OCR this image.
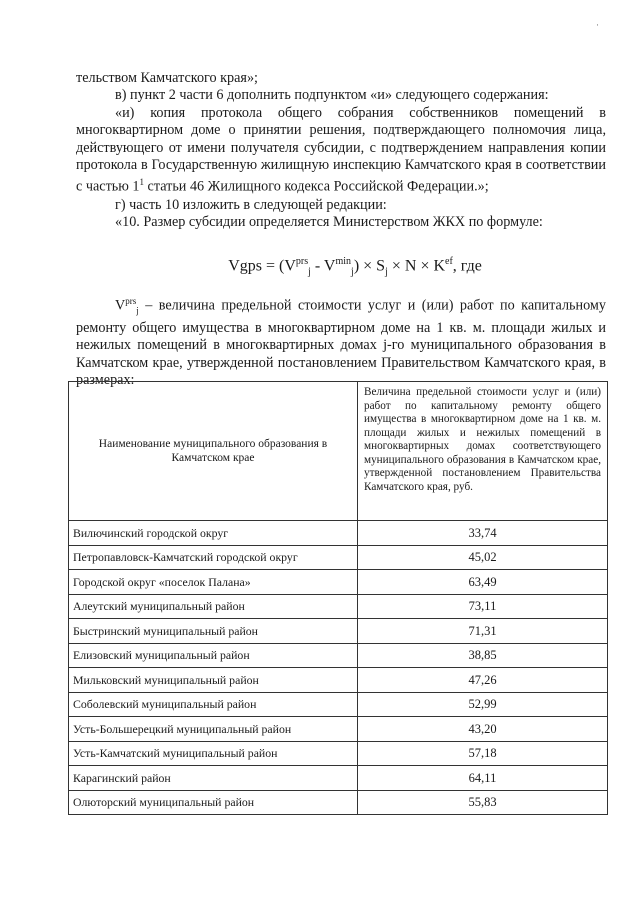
·

тельством Камчатского края»;

в) пункт 2 части 6 дополнить подпунктом «и» следующего содержания:

«и) копия протокола общего собрания собственников помещений в многоквартирном доме о принятии решения, подтверждающего полномочия лица, действующего от имени получателя субсидии, с подтверждением направления копии протокола в Государственную жилищную инспекцию Камчатского края в соответствии с частью $1^1$ статьи 46 Жилищного кодекса Российской Федерации.»;

г) часть 10 изложить в следующей редакции:

«10. Размер субсидии определяется Министерством ЖКХ по формуле:

Vgps = $(V^{prs}_j - V^{min}_j) \times S_j \times N \times K^{ef}$, где

$V^{prs}_j$ – величина предельной стоимости услуг и (или) работ по капитальному ремонту общего имущества в многоквартирном доме на 1 кв. м. площади жилых и нежилых помещений в многоквартирных домах j-го муниципального образования в Камчатском крае, утвержденной постановлением Правительством Камчатского края, в размерах:

Наименование муниципального образования в Камчатском крае	Величина предельной стоимости услуг и (или) работ по капитальному ремонту общего имущества в многоквартирном доме на 1 кв. м. площади жилых и нежилых помещений в многоквартирных домах соответствующего муниципального образования в Камчатском крае, утвержденной постановлением Правительства Камчатского края, руб.
Вилючинский городской округ	33,74
Петропавловск-Камчатский городской округ	45,02
Городской округ «поселок Палана»	63,49
Алеутский муниципальный район	73,11
Быстринский муниципальный район	71,31
Елизовский муниципальный район	38,85
Мильковский муниципальный район	47,26
Соболевский муниципальный район	52,99
Усть-Большерецкий муниципальный район	43,20
Усть-Камчатский муниципальный район	57,18
Карагинский район	64,11
Олюторский муниципальный район	55,83
